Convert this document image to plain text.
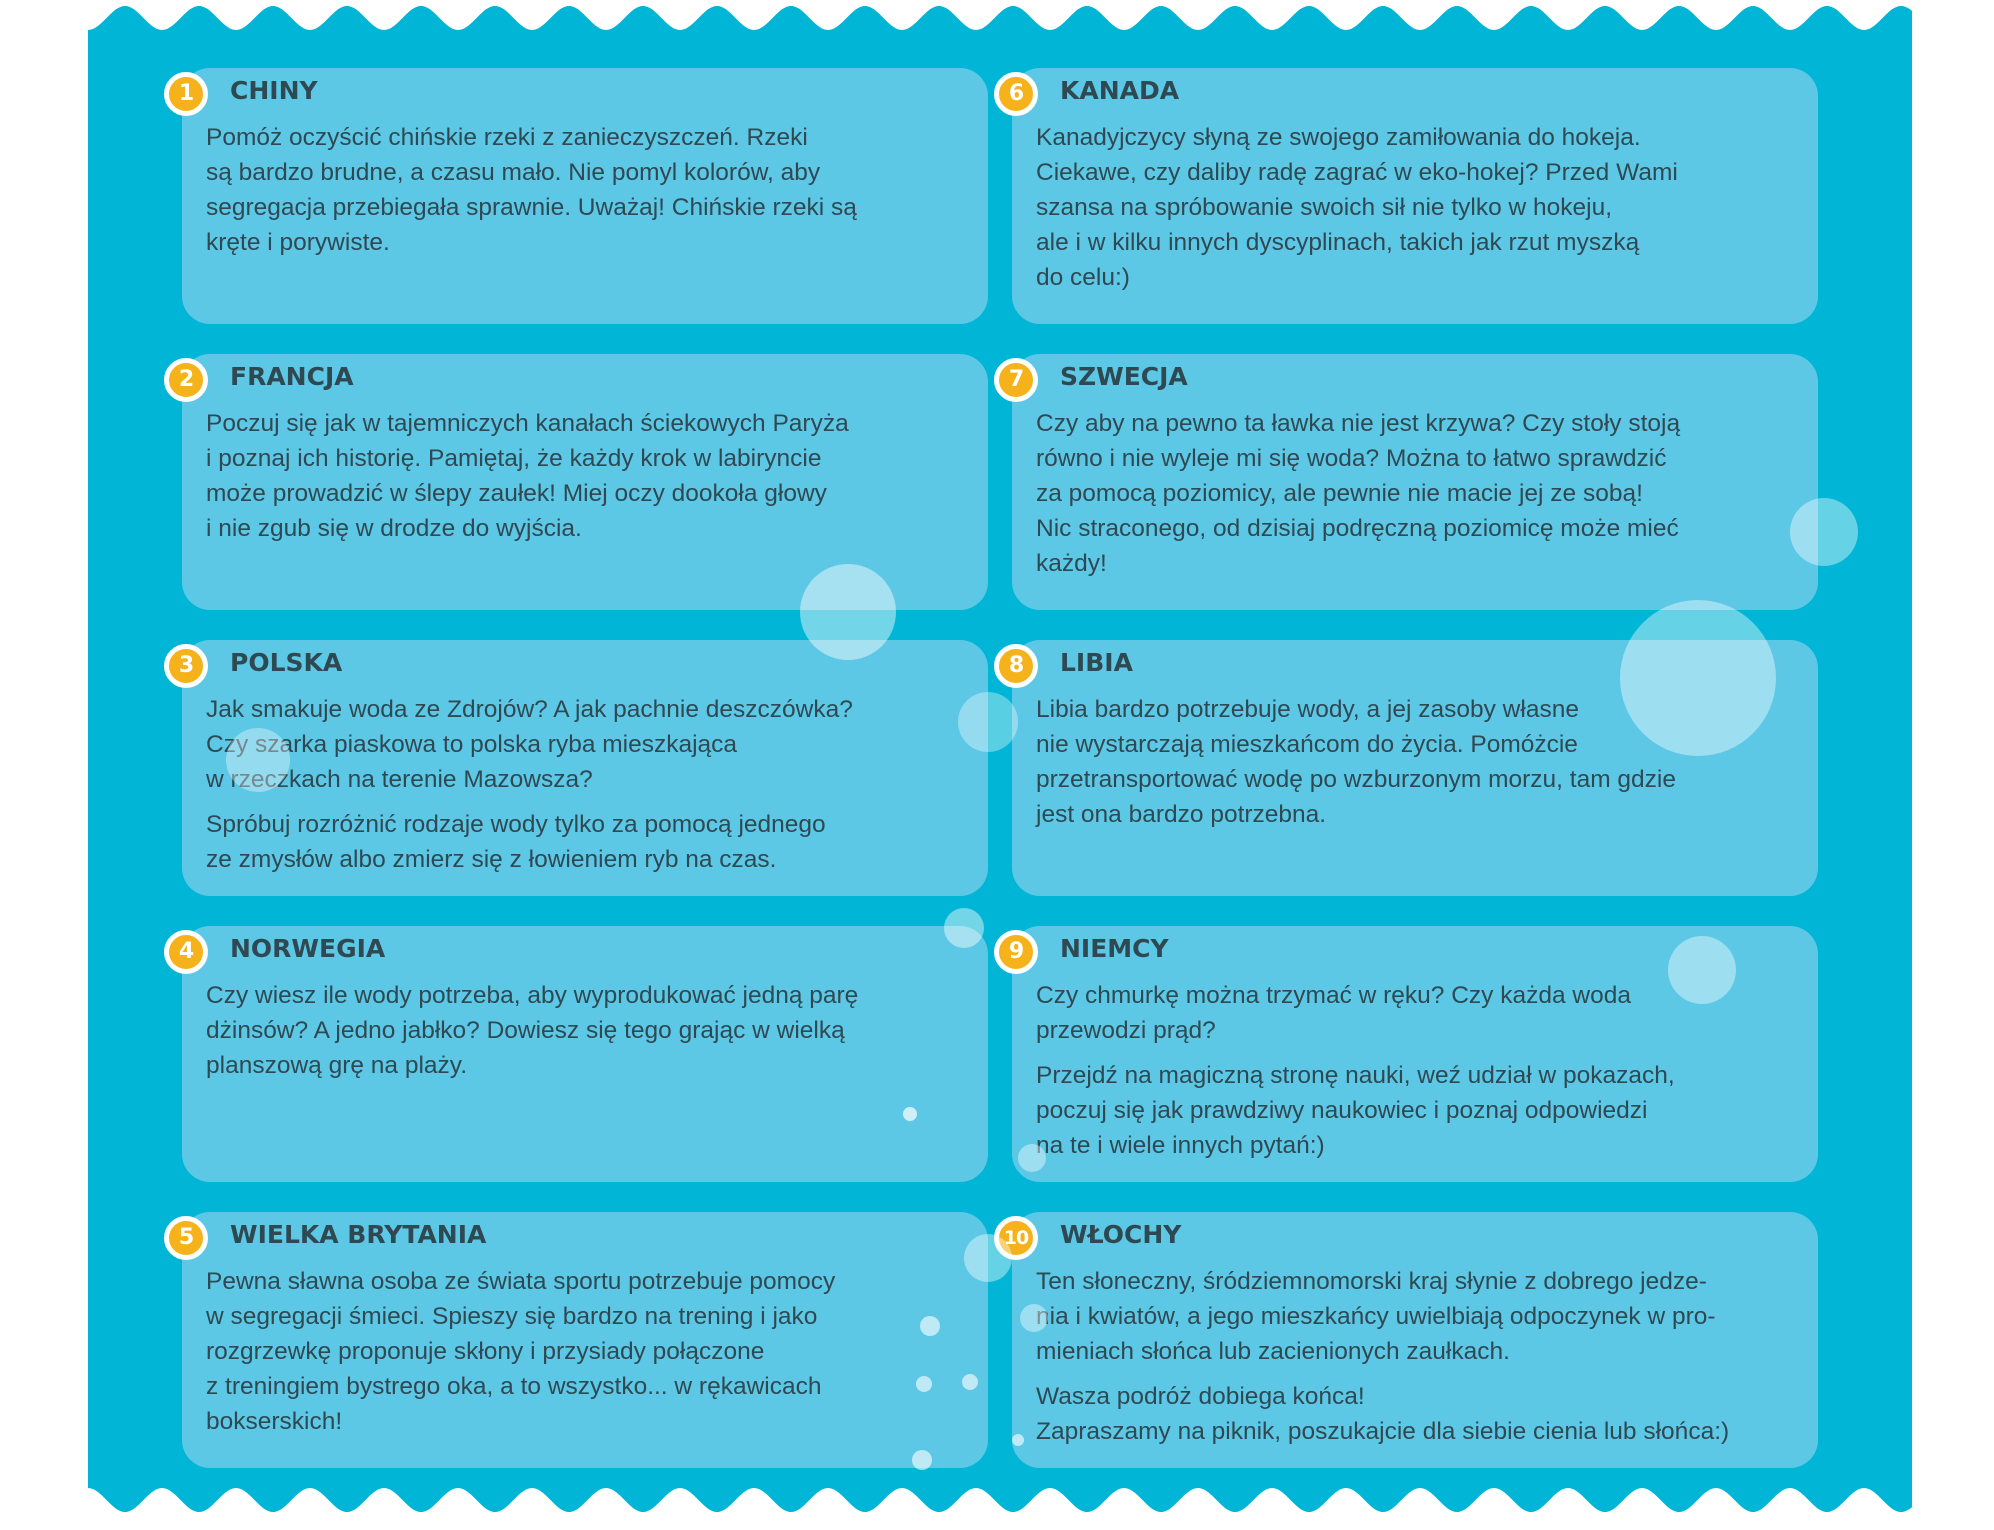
1	CHINY

Pomóż oczyścić chińskie rzeki z zanieczyszczeń. Rzeki
są bardzo brudne, a czasu mało. Nie pomyl kolorów, aby
segregacja przebiegała sprawnie. Uważaj! Chińskie rzeki są
kręte i porywiste.

2	FRANCJA

Poczuj się jak w tajemniczych kanałach ściekowych Paryża
i poznaj ich historię. Pamiętaj, że każdy krok w labiryncie
może prowadzić w ślepy zaułek! Miej oczy dookoła głowy
i nie zgub się w drodze do wyjścia.

3	POLSKA

Jak smakuje woda ze Zdrojów? A jak pachnie deszczówka?
Czy szarka piaskowa to polska ryba mieszkająca
w rzeczkach na terenie Mazowsza?

Spróbuj rozróżnić rodzaje wody tylko za pomocą jednego
ze zmysłów albo zmierz się z łowieniem ryb na czas.

4	NORWEGIA

Czy wiesz ile wody potrzeba, aby wyprodukować jedną parę
dżinsów? A jedno jabłko? Dowiesz się tego grając w wielką
planszową grę na plaży.

5	WIELKA BRYTANIA

Pewna sławna osoba ze świata sportu potrzebuje pomocy
w segregacji śmieci. Spieszy się bardzo na trening i jako
rozgrzewkę proponuje skłony i przysiady połączone
z treningiem bystrego oka, a to wszystko... w rękawicach
bokserskich!

6	KANADA

Kanadyjczycy słyną ze swojego zamiłowania do hokeja.
Ciekawe, czy daliby radę zagrać w eko-hokej? Przed Wami
szansa na spróbowanie swoich sił nie tylko w hokeju,
ale i w kilku innych dyscyplinach, takich jak rzut myszką
do celu:)

7	SZWECJA

Czy aby na pewno ta ławka nie jest krzywa? Czy stoły stoją
równo i nie wyleje mi się woda? Można to łatwo sprawdzić
za pomocą poziomicy, ale pewnie nie macie jej ze sobą!
Nic straconego, od dzisiaj podręczną poziomicę może mieć
każdy!

8	LIBIA

Libia bardzo potrzebuje wody, a jej zasoby własne
nie wystarczają mieszkańcom do życia. Pomóżcie
przetransportować wodę po wzburzonym morzu, tam gdzie
jest ona bardzo potrzebna.

9	NIEMCY

Czy chmurkę można trzymać w ręku? Czy każda woda
przewodzi prąd?

Przejdź na magiczną stronę nauki, weź udział w pokazach,
poczuj się jak prawdziwy naukowiec i poznaj odpowiedzi
na te i wiele innych pytań:)

10	WŁOCHY

Ten słoneczny, śródziemnomorski kraj słynie z dobrego jedze-
nia i kwiatów, a jego mieszkańcy uwielbiają odpoczynek w pro-
mieniach słońca lub zacienionych zaułkach.

Wasza podróż dobiega końca!
Zapraszamy na piknik, poszukajcie dla siebie cienia lub słońca:)
